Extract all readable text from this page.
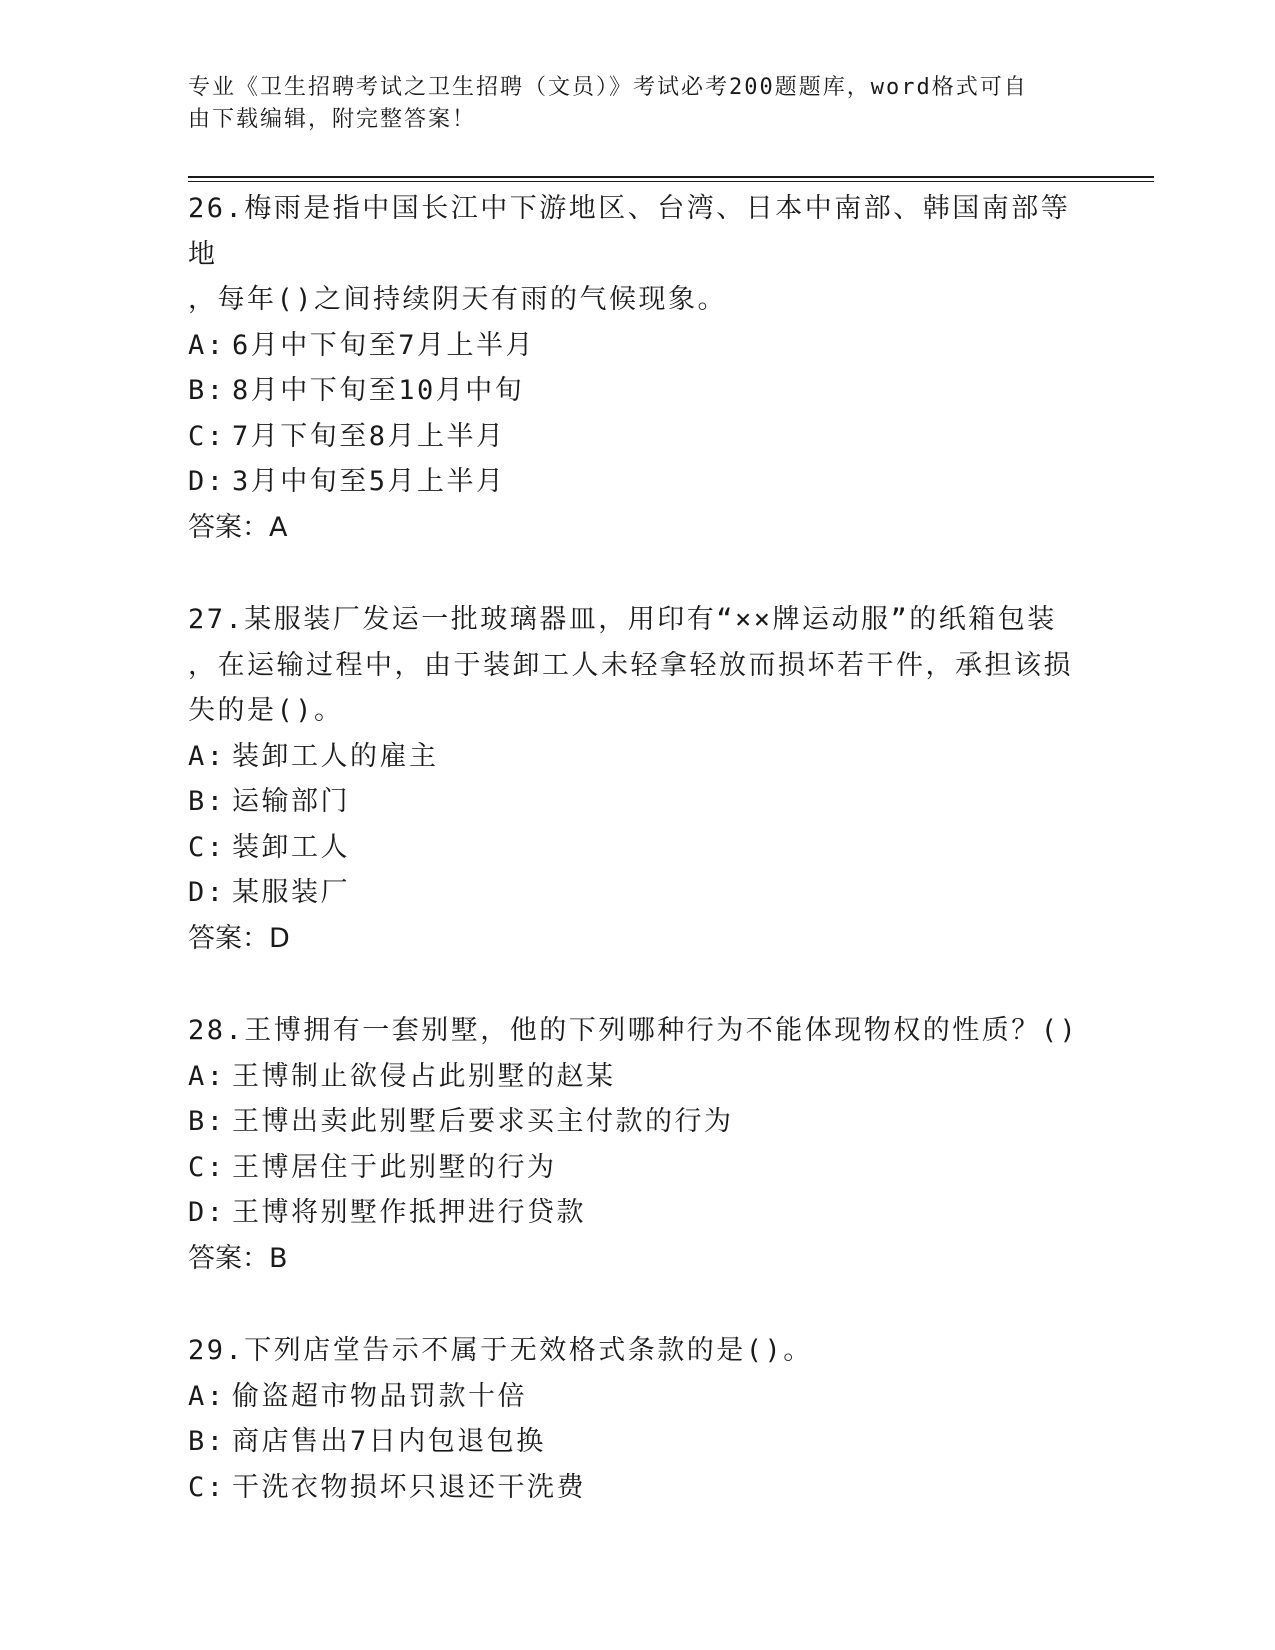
专业《卫生招聘考试之卫生招聘（文员）》考试必考200题题库，word格式可自
由下载编辑，附完整答案！

26.梅雨是指中国长江中下游地区、台湾、日本中南部、韩国南部等地

，每年()之间持续阴天有雨的气候现象。

A: 6月中下旬至7月上半月

B: 8月中下旬至10月中旬

C: 7月下旬至8月上半月

D: 3月中旬至5月上半月

答案：A

27.某服装厂发运一批玻璃器皿，用印有“××牌运动服”的纸箱包装

，在运输过程中，由于装卸工人未轻拿轻放而损坏若干件，承担该损

失的是()。

A: 装卸工人的雇主

B: 运输部门

C: 装卸工人

D: 某服装厂

答案：D

28.王博拥有一套别墅，他的下列哪种行为不能体现物权的性质？()

A: 王博制止欲侵占此别墅的赵某

B: 王博出卖此别墅后要求买主付款的行为

C: 王博居住于此别墅的行为

D: 王博将别墅作抵押进行贷款

答案：B

29.下列店堂告示不属于无效格式条款的是()。

A: 偷盗超市物品罚款十倍

B: 商店售出7日内包退包换

C: 干洗衣物损坏只退还干洗费
